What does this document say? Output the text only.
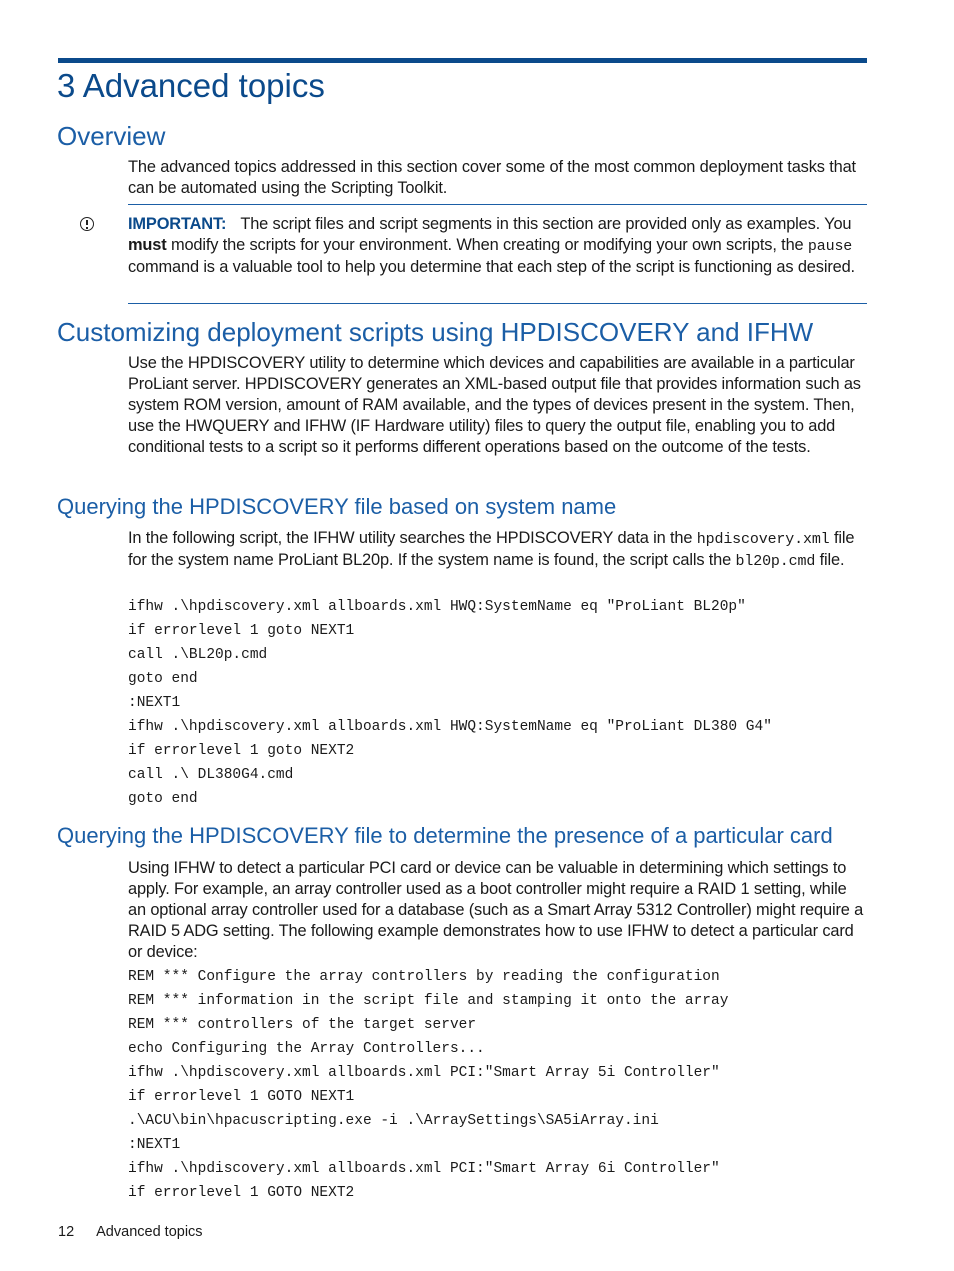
3 Advanced topics
Overview

The advanced topics addressed in this section cover some of the most common deployment tasks that can be automated using the Scripting Toolkit.

IMPORTANT: The script files and script segments in this section are provided only as examples. You must modify the scripts for your environment. When creating or modifying your own scripts, the pause command is a valuable tool to help you determine that each step of the script is functioning as desired.

Customizing deployment scripts using HPDISCOVERY and IFHW

Use the HPDISCOVERY utility to determine which devices and capabilities are available in a particular ProLiant server. HPDISCOVERY generates an XML-based output file that provides information such as system ROM version, amount of RAM available, and the types of devices present in the system. Then, use the HWQUERY and IFHW (IF Hardware utility) files to query the output file, enabling you to add conditional tests to a script so it performs different operations based on the outcome of the tests.

Querying the HPDISCOVERY file based on system name

In the following script, the IFHW utility searches the HPDISCOVERY data in the hpdiscovery.xml file for the system name ProLiant BL20p. If the system name is found, the script calls the bl20p.cmd file.

ifhw .\hpdiscovery.xml allboards.xml HWQ:SystemName eq "ProLiant BL20p"
if errorlevel 1 goto NEXT1
call .\BL20p.cmd
goto end
:NEXT1
ifhw .\hpdiscovery.xml allboards.xml HWQ:SystemName eq "ProLiant DL380 G4"
if errorlevel 1 goto NEXT2
call .\ DL380G4.cmd
goto end
Querying the HPDISCOVERY file to determine the presence of a particular card

Using IFHW to detect a particular PCI card or device can be valuable in determining which settings to apply. For example, an array controller used as a boot controller might require a RAID 1 setting, while an optional array controller used for a database (such as a Smart Array 5312 Controller) might require a RAID 5 ADG setting. The following example demonstrates how to use IFHW to detect a particular card or device:

REM *** Configure the array controllers by reading the configuration
REM *** information in the script file and stamping it onto the array
REM *** controllers of the target server
echo Configuring the Array Controllers...
ifhw .\hpdiscovery.xml allboards.xml PCI:"Smart Array 5i Controller"
if errorlevel 1 GOTO NEXT1
.\ACU\bin\hpacuscripting.exe -i .\ArraySettings\SA5iArray.ini
:NEXT1
ifhw .\hpdiscovery.xml allboards.xml PCI:"Smart Array 6i Controller"
if errorlevel 1 GOTO NEXT2
12 Advanced topics
